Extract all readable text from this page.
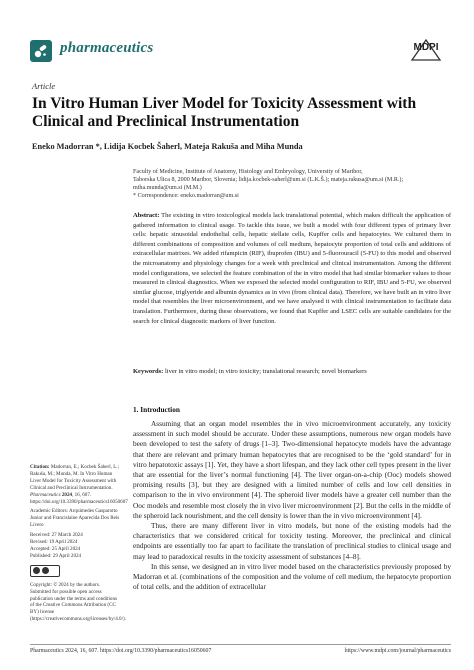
pharmaceutics	MDPI
Article
In Vitro Human Liver Model for Toxicity Assessment with Clinical and Preclinical Instrumentation
Eneko Madorran *, Lidija Kocbek Šaherl, Mateja Rakuša and Miha Munda
Faculty of Medicine, Institute of Anatomy, Histology and Embryology, University of Maribor,
Taborska Ulica 8, 2000 Maribor, Slovenia; lidija.kocbek-saherl@um.si (L.K.Š.); mateja.rakusa@um.si (M.R.);
miha.munda@um.si (M.M.)
* Correspondence: eneko.madorran@um.si
Abstract: The existing in vitro toxicological models lack translational potential, which makes difficult the application of gathered information to clinical usage. To tackle this issue, we built a model with four different types of primary liver cells: hepatic sinusoidal endothelial cells, hepatic stellate cells, Kupffer cells and hepatocytes. We cultured them in different combinations of composition and volumes of cell medium, hepatocyte proportion of total cells and additions of extracellular matrixes. We added rifampicin (RIF), ibuprofen (IBU) and 5-fluorouracil (5-FU) to this model and observed the microanatomy and physiology changes for a week with preclinical and clinical instrumentation. Among the different model configurations, we selected the feature combination of the in vitro model that had similar biomarker values to those measured in clinical diagnostics. When we exposed the selected model configuration to RIF, IBU and 5-FU, we observed similar glucose, triglyeride and albumin dynamics as in vivo (from clinical data). Therefore, we have built an in vitro liver model that resembles the liver microenvironment, and we have analysed it with clinical instrumentation to facilitate data translation. Furthermore, during these observations, we found that Kupffer and LSEC cells are suitable candidates for the search for clinical diagnostic markers of liver function.
Keywords: liver in vitro model; in vitro toxicity; translational research; novel biomarkers

Citation: Madorran, E.; Kocbek Šaherl, L.; Rakuša, M.; Munda, M. In Vitro Human Liver Model for Toxicity Assessment with Clinical and Preclinical Instrumentation. Pharmaceutics 2024, 16, 607. https://doi.org/10.3390/pharmaceutics16050607

Academic Editors: Arquimedes Gasparotto Junior and Francislaine Aparecida Dos Reis Lívero

Received: 27 March 2024

Revised: 19 April 2024

Accepted: 25 April 2024

Published: 29 April 2024

Copyright: © 2024 by the authors. Submitted for possible open access publication under the terms and conditions of the Creative Commons Attribution (CC BY) license (https://creativecommons.org/licenses/by/4.0/).

1. Introduction

Assuming that an organ model resembles the in vivo microenvironment accurately, any toxicity assessment in such model should be accurate. Under these assumptions, numerous new organ models have been developed to test the safety of drugs [1–3]. Two-dimensional hepatocyte models have the advantage that there are relevant and primary human hepatocytes that are recognised to be the ‘gold standard’ for in vitro hepatotoxic assays [1]. Yet, they have a short lifespan, and they lack other cell types present in the liver that are essential for the liver’s normal functioning [4]. The liver organ-on-a-chip (Ooc) models showed promising results [3], but they are designed with a limited number of cells and low cell densities in comparison to the in vivo environment [4]. The spheroid liver models have a greater cell number than the Ooc models and resemble most closely the in vivo liver microenvironment [2]. But the cells in the middle of the spheroid lack nourishment, and the cell density is lower than the in vivo microenvironment [4].

Thus, there are many different liver in vitro models, but none of the existing models had the characteristics that we considered critical for toxicity testing. Moreover, the preclinical and clinical endpoints are essentially too far apart to facilitate the translation of preclinical studies to clinical usage and may lead to paradoxical results in the toxicity assessment of substances [4–8].

In this sense, we designed an in vitro liver model based on the characteristics previously proposed by Madorran et al. (combinations of the composition and the volume of cell medium, the hepatocyte proportion of total cells, and the addition of extracellular

Pharmaceutics 2024, 16, 607. https://doi.org/10.3390/pharmaceutics16050607	https://www.mdpi.com/journal/pharmaceutics
